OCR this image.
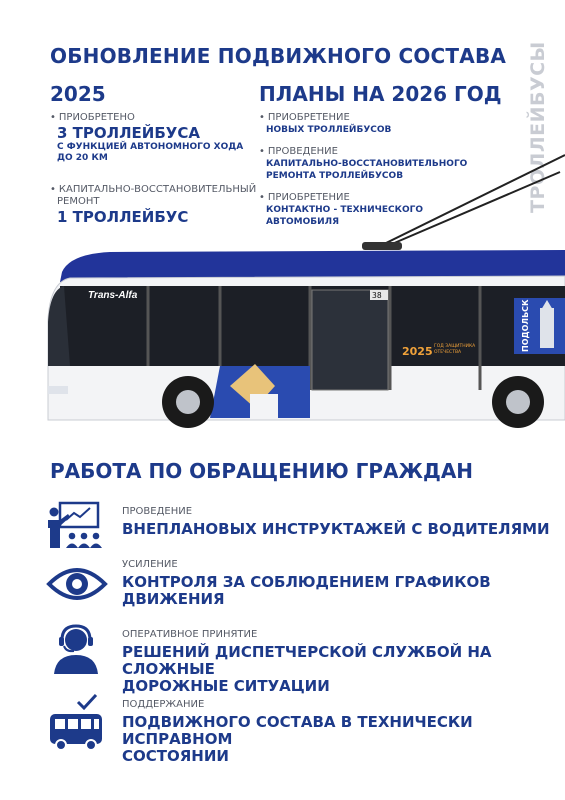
ОБНОВЛЕНИЕ ПОДВИЖНОГО СОСТАВА ТРОЛЛЕЙБУСЫ
2025
• ПРИОБРЕТЕНО
3 ТРОЛЛЕЙБУСА
С ФУНКЦИЕЙ АВТОНОМНОГО ХОДА
ДО 20 КМ
• КАПИТАЛЬНО-ВОССТАНОВИТЕЛЬНЫЙ
РЕМОНТ
1 ТРОЛЛЕЙБУС
ПЛАНЫ НА 2026 ГОД
• ПРИОБРЕТЕНИЕ
НОВЫХ ТРОЛЛЕЙБУСОВ
• ПРОВЕДЕНИЕ
КАПИТАЛЬНО-ВОССТАНОВИТЕЛЬНОГО
РЕМОНТА ТРОЛЛЕЙБУСОВ
• ПРИОБРЕТЕНИЕ
КОНТАКТНО - ТЕХНИЧЕСКОГО
АВТОМОБИЛЯ
Trans-Alfa	38
2025 ГОД ЗАЩИТНИКА
ОТЕЧЕСТВА
ПОДОЛЬСК
РАБОТА ПО ОБРАЩЕНИЮ ГРАЖДАН
ПРОВЕДЕНИЕ
ВНЕПЛАНОВЫХ ИНСТРУКТАЖЕЙ С ВОДИТЕЛЯМИ
УСИЛЕНИЕ
КОНТРОЛЯ ЗА СОБЛЮДЕНИЕМ ГРАФИКОВ
ДВИЖЕНИЯ
ОПЕРАТИВНОЕ ПРИНЯТИЕ
РЕШЕНИЙ ДИСПЕТЧЕРСКОЙ СЛУЖБОЙ НА СЛОЖНЫЕ
ДОРОЖНЫЕ СИТУАЦИИ
ПОДДЕРЖАНИЕ
ПОДВИЖНОГО СОСТАВА В ТЕХНИЧЕСКИ ИСПРАВНОМ
СОСТОЯНИИ
